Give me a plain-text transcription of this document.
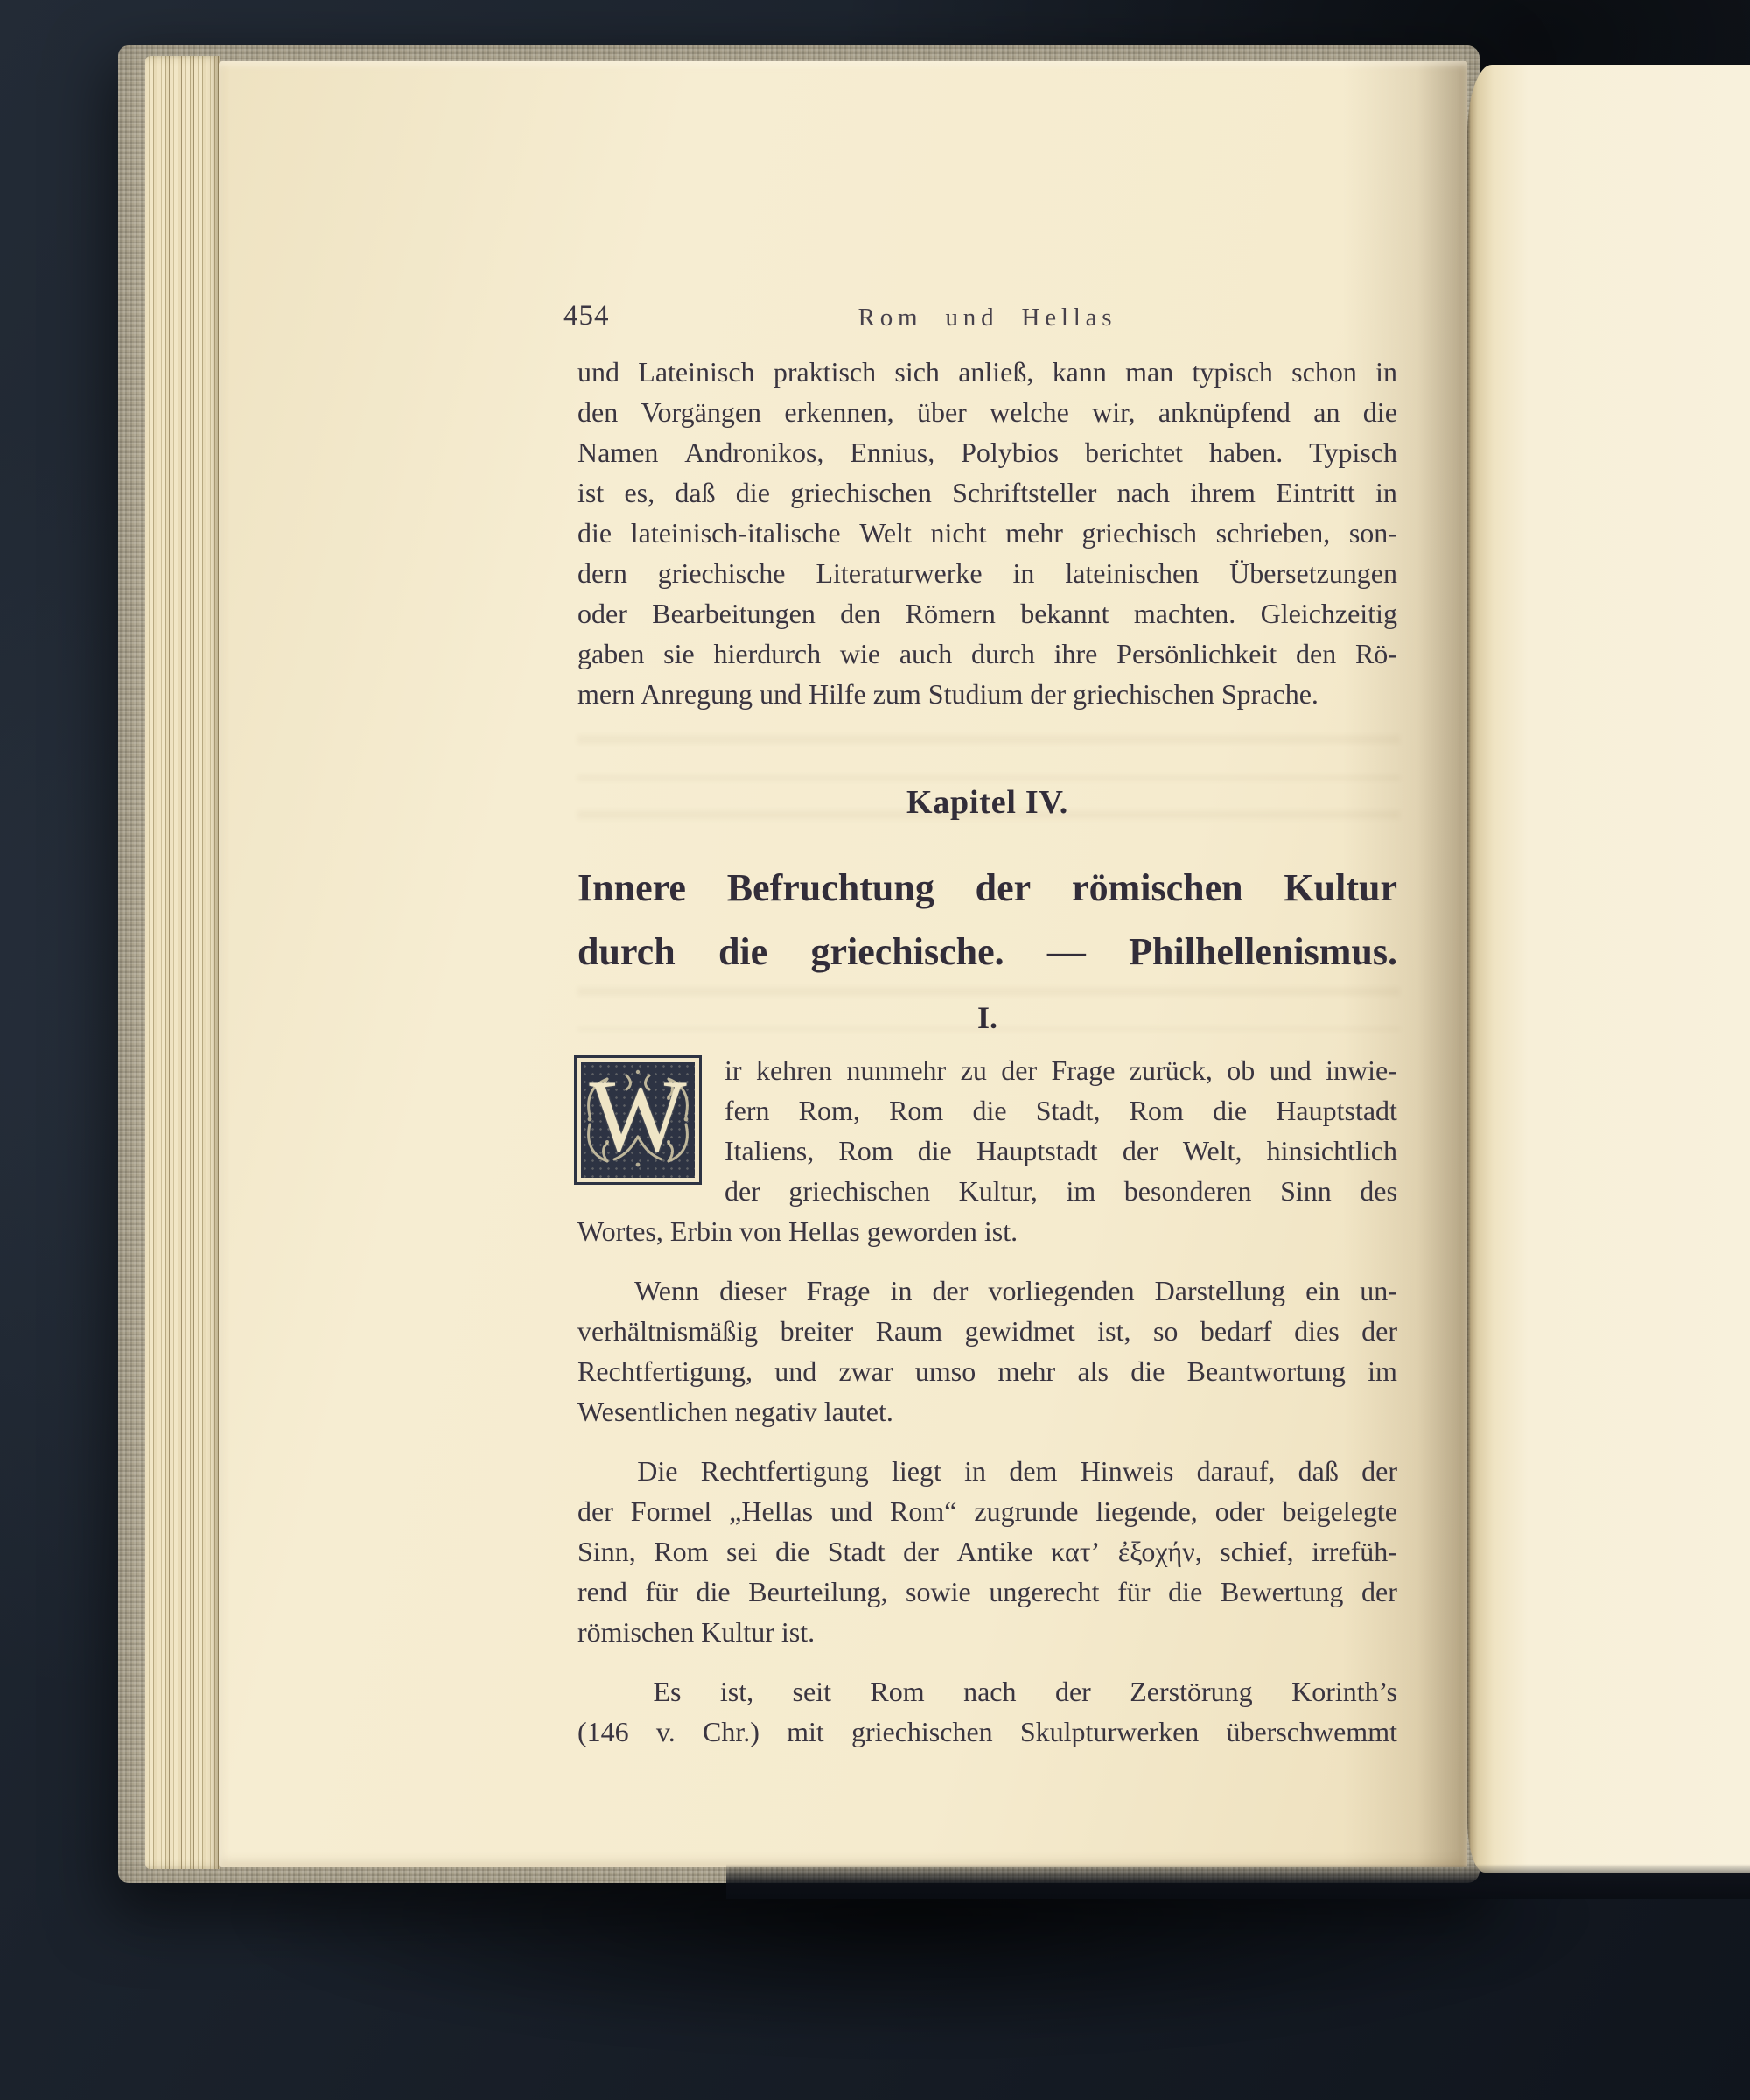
454	Rom und Hellas
und Lateinisch praktisch sich anließ, kann man typisch schon in
den Vorgängen erkennen, über welche wir, anknüpfend an die
Namen Andronikos, Ennius, Polybios berichtet haben. Typisch
ist es, daß die griechischen Schriftsteller nach ihrem Eintritt in
die lateinisch-italische Welt nicht mehr griechisch schrieben, son-
dern griechische Literaturwerke in lateinischen Übersetzungen
oder Bearbeitungen den Römern bekannt machten. Gleichzeitig
gaben sie hierdurch wie auch durch ihre Persönlichkeit den Rö-
mern Anregung und Hilfe zum Studium der griechischen Sprache.
Kapitel IV.
Innere Befruchtung der römischen Kultur
durch die griechische. — Philhellenismus.
I.
W ir kehren nunmehr zu der Frage zurück, ob und inwie-
fern Rom, Rom die Stadt, Rom die Hauptstadt
Italiens, Rom die Hauptstadt der Welt, hinsichtlich
der griechischen Kultur, im besonderen Sinn des
Wortes, Erbin von Hellas geworden ist.
Wenn dieser Frage in der vorliegenden Darstellung ein un-
verhältnismäßig breiter Raum gewidmet ist, so bedarf dies der
Rechtfertigung, und zwar umso mehr als die Beantwortung im
Wesentlichen negativ lautet.
Die Rechtfertigung liegt in dem Hinweis darauf, daß der
der Formel „Hellas und Rom“ zugrunde liegende, oder beigelegte
Sinn, Rom sei die Stadt der Antike κατ’ ἐξοχήν, schief, irrefüh-
rend für die Beurteilung, sowie ungerecht für die Bewertung der
römischen Kultur ist.
Es ist, seit Rom nach der Zerstörung Korinth’s
(146 v. Chr.) mit griechischen Skulpturwerken überschwemmt
